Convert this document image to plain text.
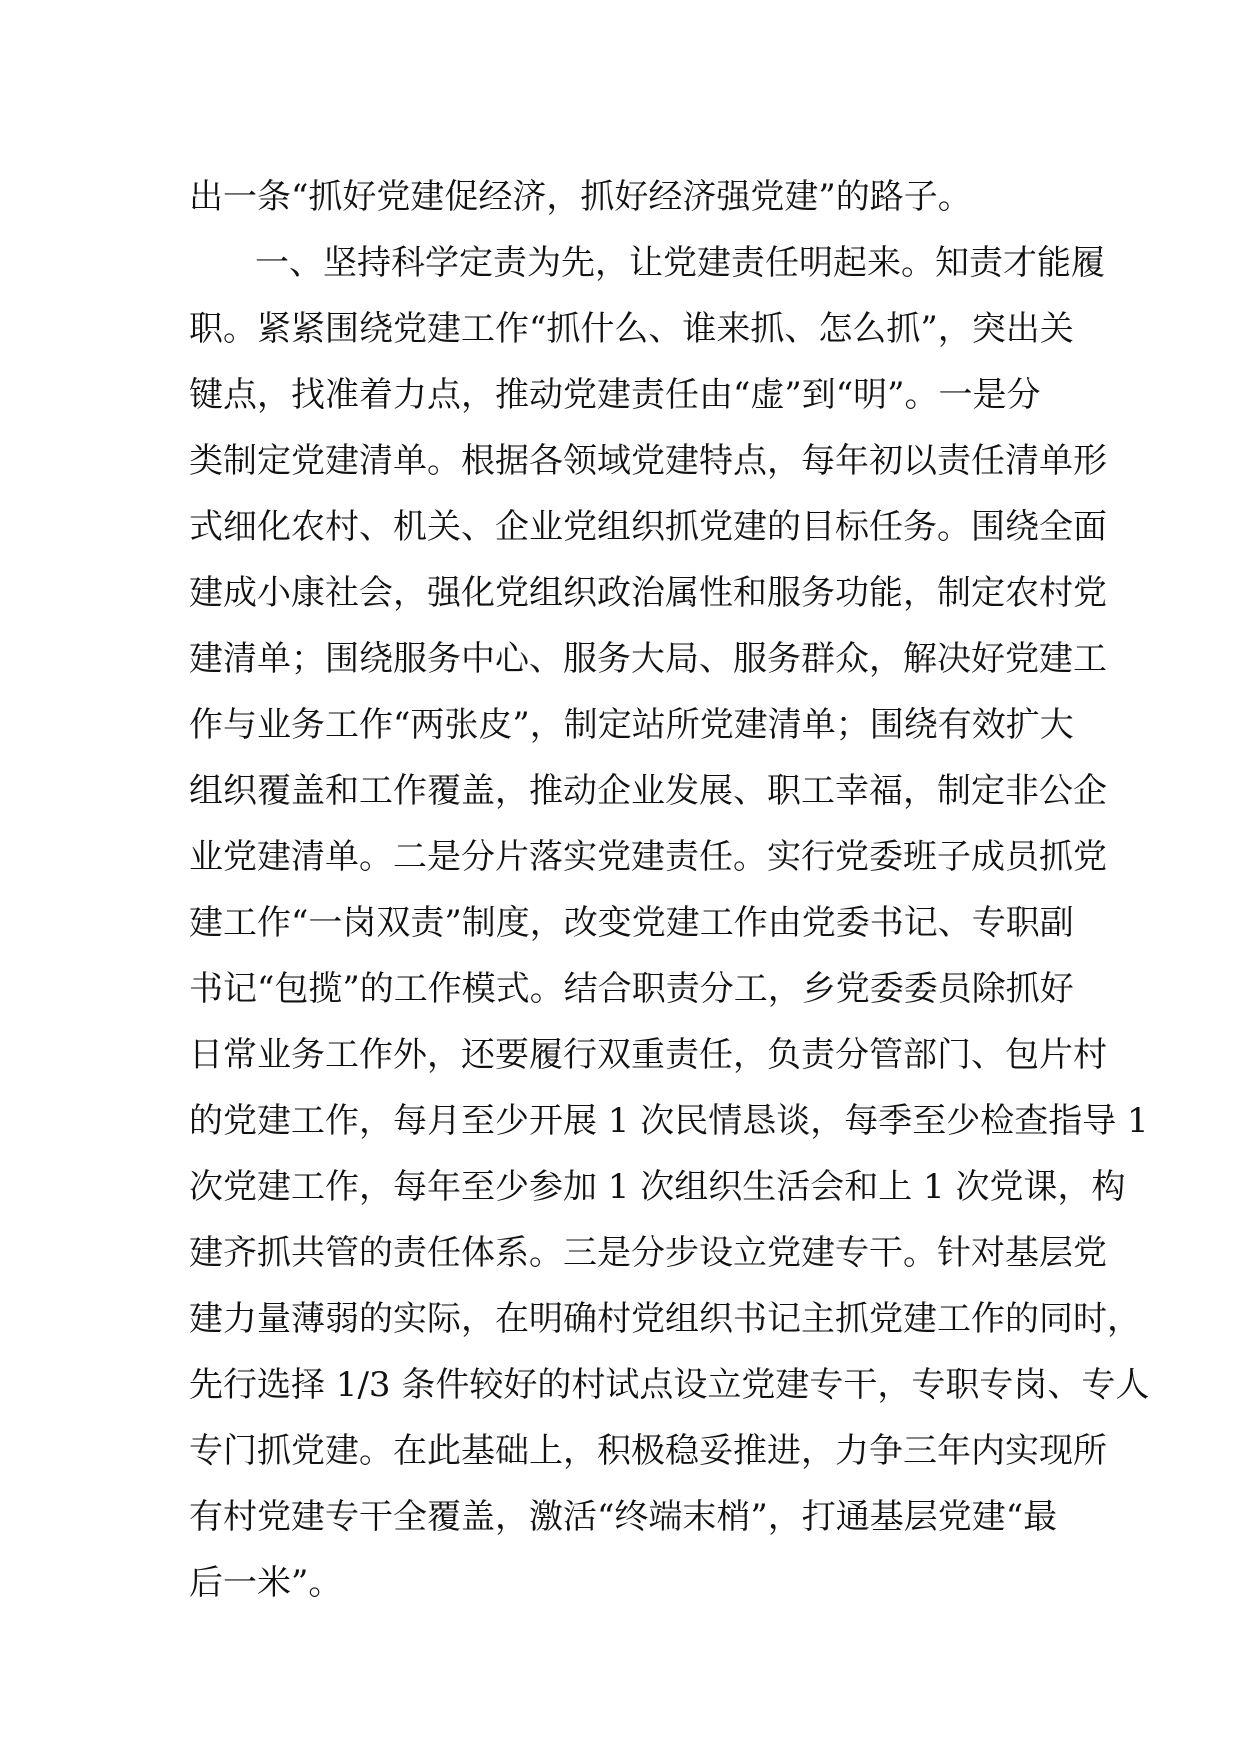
出一条“抓好党建促经济，抓好经济强党建”的路子。
一、坚持科学定责为先，让党建责任明起来。知责才能履
职。紧紧围绕党建工作“抓什么、谁来抓、怎么抓”，突出关
键点，找准着力点，推动党建责任由“虚”到“明”。一是分
类制定党建清单。根据各领域党建特点，每年初以责任清单形
式细化农村、机关、企业党组织抓党建的目标任务。围绕全面
建成小康社会，强化党组织政治属性和服务功能，制定农村党
建清单；围绕服务中心、服务大局、服务群众，解决好党建工
作与业务工作“两张皮”，制定站所党建清单；围绕有效扩大
组织覆盖和工作覆盖，推动企业发展、职工幸福，制定非公企
业党建清单。二是分片落实党建责任。实行党委班子成员抓党
建工作“一岗双责”制度，改变党建工作由党委书记、专职副
书记“包揽”的工作模式。结合职责分工，乡党委委员除抓好
日常业务工作外，还要履行双重责任，负责分管部门、包片村
的党建工作，每月至少开展 1 次民情恳谈，每季至少检查指导 1
次党建工作，每年至少参加 1 次组织生活会和上 1 次党课，构
建齐抓共管的责任体系。三是分步设立党建专干。针对基层党
建力量薄弱的实际，在明确村党组织书记主抓党建工作的同时，
先行选择 1/3 条件较好的村试点设立党建专干，专职专岗、专人
专门抓党建。在此基础上，积极稳妥推进，力争三年内实现所
有村党建专干全覆盖，激活“终端末梢”，打通基层党建“最
后一米”。
